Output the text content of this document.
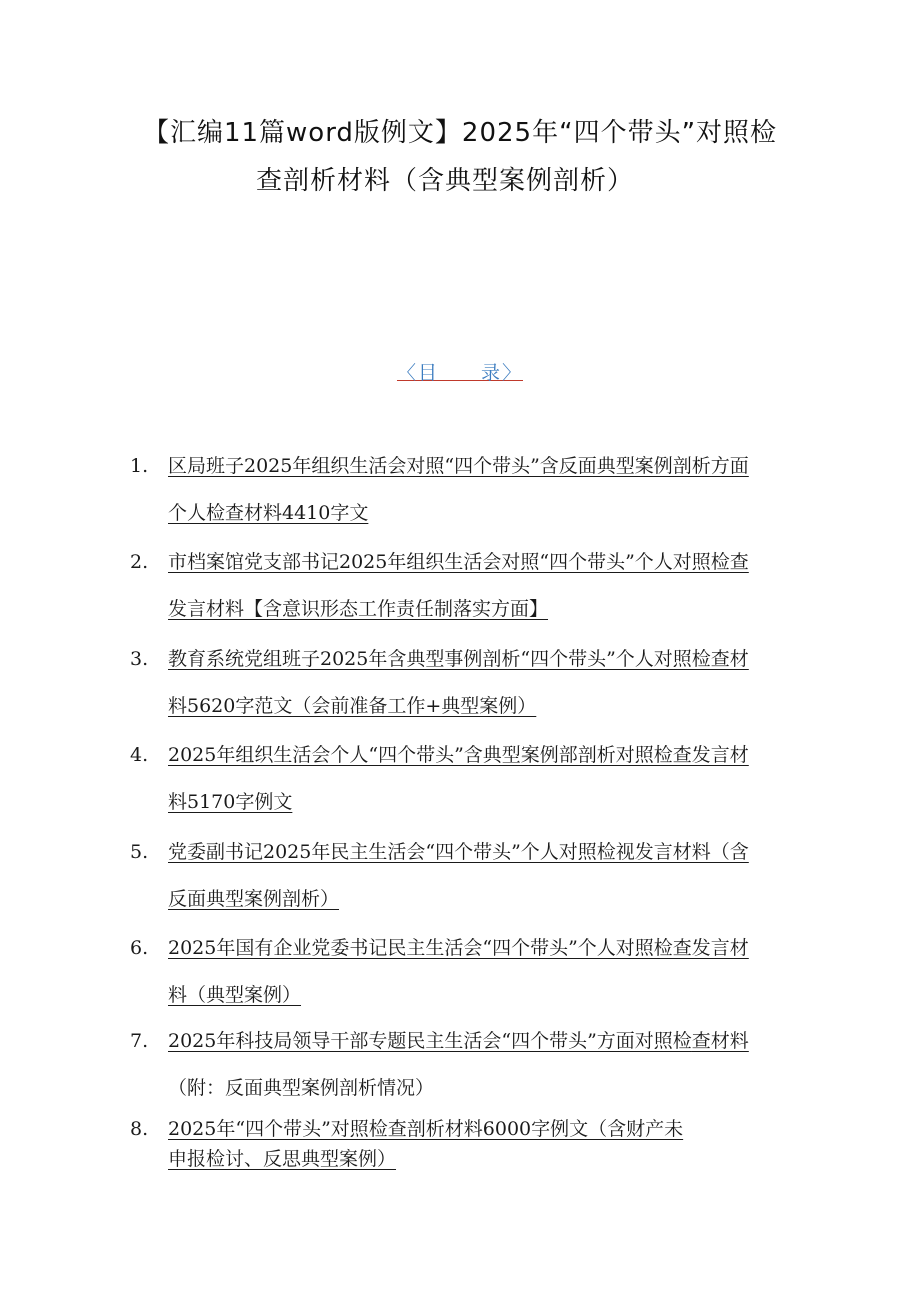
【汇编11篇word版例文】2025年“四个带头”对照检
查剖析材料（含典型案例剖析）
〈目　　录〉
1.	区局班子2025年组织生活会对照“四个带头”含反面典型案例剖析方面
个人检查材料4410字文
2.	市档案馆党支部书记2025年组织生活会对照“四个带头”个人对照检查
发言材料【含意识形态工作责任制落实方面】
3.	教育系统党组班子2025年含典型事例剖析“四个带头”个人对照检查材
料5620字范文（会前准备工作+典型案例）
4.	2025年组织生活会个人“四个带头”含典型案例部剖析对照检查发言材
料5170字例文
5.	党委副书记2025年民主生活会“四个带头”个人对照检视发言材料（含
反面典型案例剖析）
6.	2025年国有企业党委书记民主生活会“四个带头”个人对照检查发言材
料（典型案例）
7.	2025年科技局领导干部专题民主生活会“四个带头”方面对照检查材料
（附：反面典型案例剖析情况）
8.	2025年“四个带头”对照检查剖析材料6000字例文（含财产未
申报检讨、反思典型案例）
